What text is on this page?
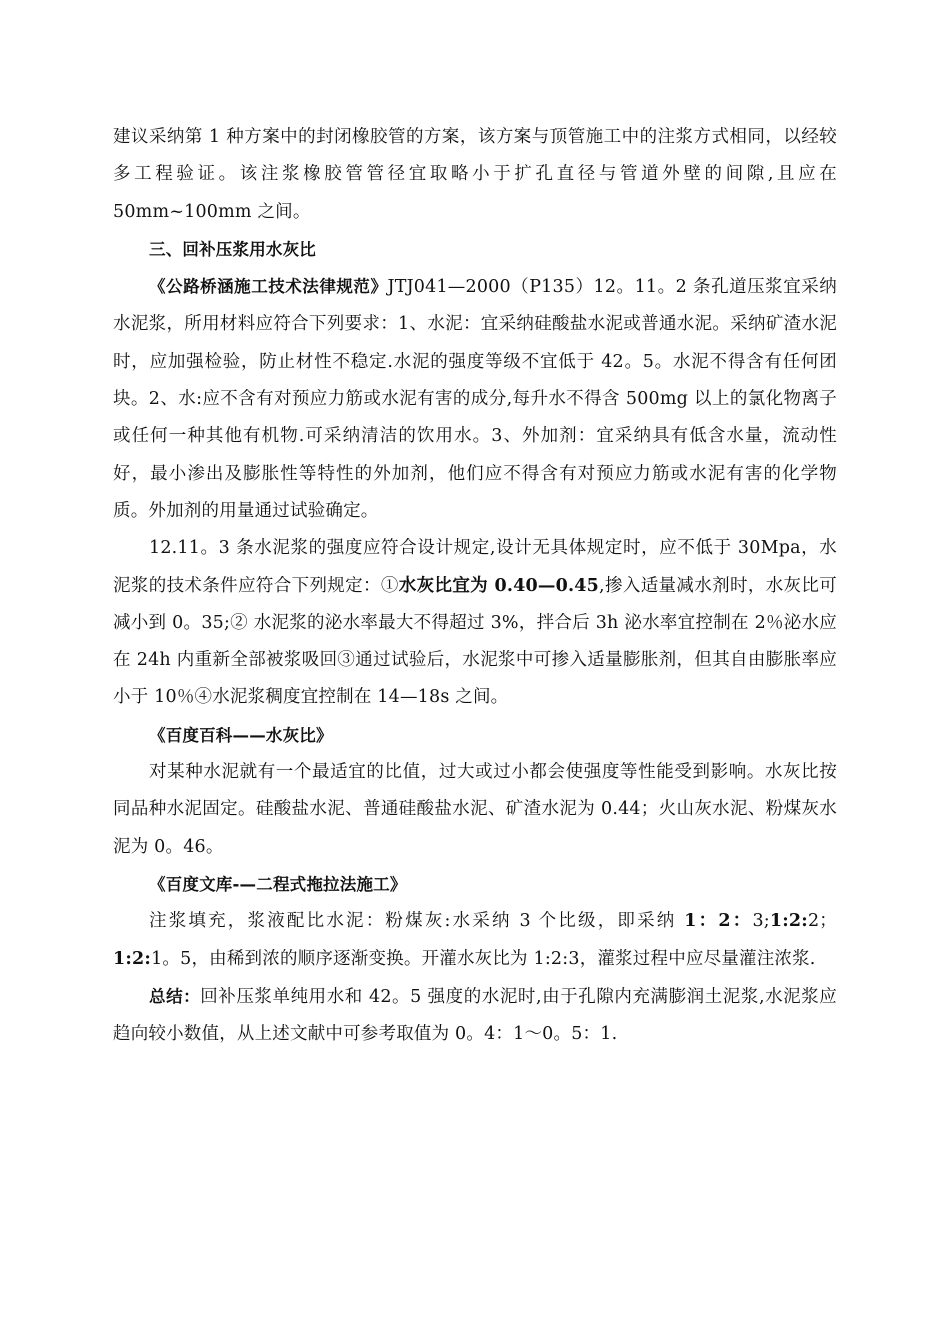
建议采纳第 1 种方案中的封闭橡胶管的方案，该方案与顶管施工中的注浆方式相同，以经较多工程验证。该注浆橡胶管管径宜取略小于扩孔直径与管道外壁的间隙,且应在 50mm~100mm 之间。

三、回补压浆用水灰比

《公路桥涵施工技术法律规范》JTJ041—2000（P135）12。11。2 条孔道压浆宜采纳水泥浆，所用材料应符合下列要求：1、水泥：宜采纳硅酸盐水泥或普通水泥。采纳矿渣水泥时，应加强检验，防止材性不稳定.水泥的强度等级不宜低于 42。5。水泥不得含有任何团块。2、水:应不含有对预应力筋或水泥有害的成分,每升水不得含 500mg 以上的氯化物离子或任何一种其他有机物.可采纳清洁的饮用水。3、外加剂：宜采纳具有低含水量，流动性好，最小渗出及膨胀性等特性的外加剂，他们应不得含有对预应力筋或水泥有害的化学物质。外加剂的用量通过试验确定。

12.11。3 条水泥浆的强度应符合设计规定,设计无具体规定时，应不低于 30Mpa，水泥浆的技术条件应符合下列规定：①水灰比宜为 0.40—0.45,掺入适量减水剂时，水灰比可减小到 0。35;② 水泥浆的泌水率最大不得超过 3%，拌合后 3h 泌水率宜控制在 2％泌水应在 24h 内重新全部被浆吸回③通过试验后，水泥浆中可掺入适量膨胀剂，但其自由膨胀率应小于 10％④水泥浆稠度宜控制在 14—18s 之间。

《百度百科——水灰比》

对某种水泥就有一个最适宜的比值，过大或过小都会使强度等性能受到影响。水灰比按同品种水泥固定。硅酸盐水泥、普通硅酸盐水泥、矿渣水泥为 0.44；火山灰水泥、粉煤灰水泥为 0。46。

《百度文库-—二程式拖拉法施工》

注浆填充，浆液配比水泥：粉煤灰:水采纳 3 个比级，即采纳 1：2：3;1:2:2；1:2:1。5，由稀到浓的顺序逐渐变换。开灌水灰比为 1:2:3，灌浆过程中应尽量灌注浓浆.

总结：回补压浆单纯用水和 42。5 强度的水泥时,由于孔隙内充满膨润土泥浆,水泥浆应趋向较小数值，从上述文献中可参考取值为 0。4：1～0。5：1.
